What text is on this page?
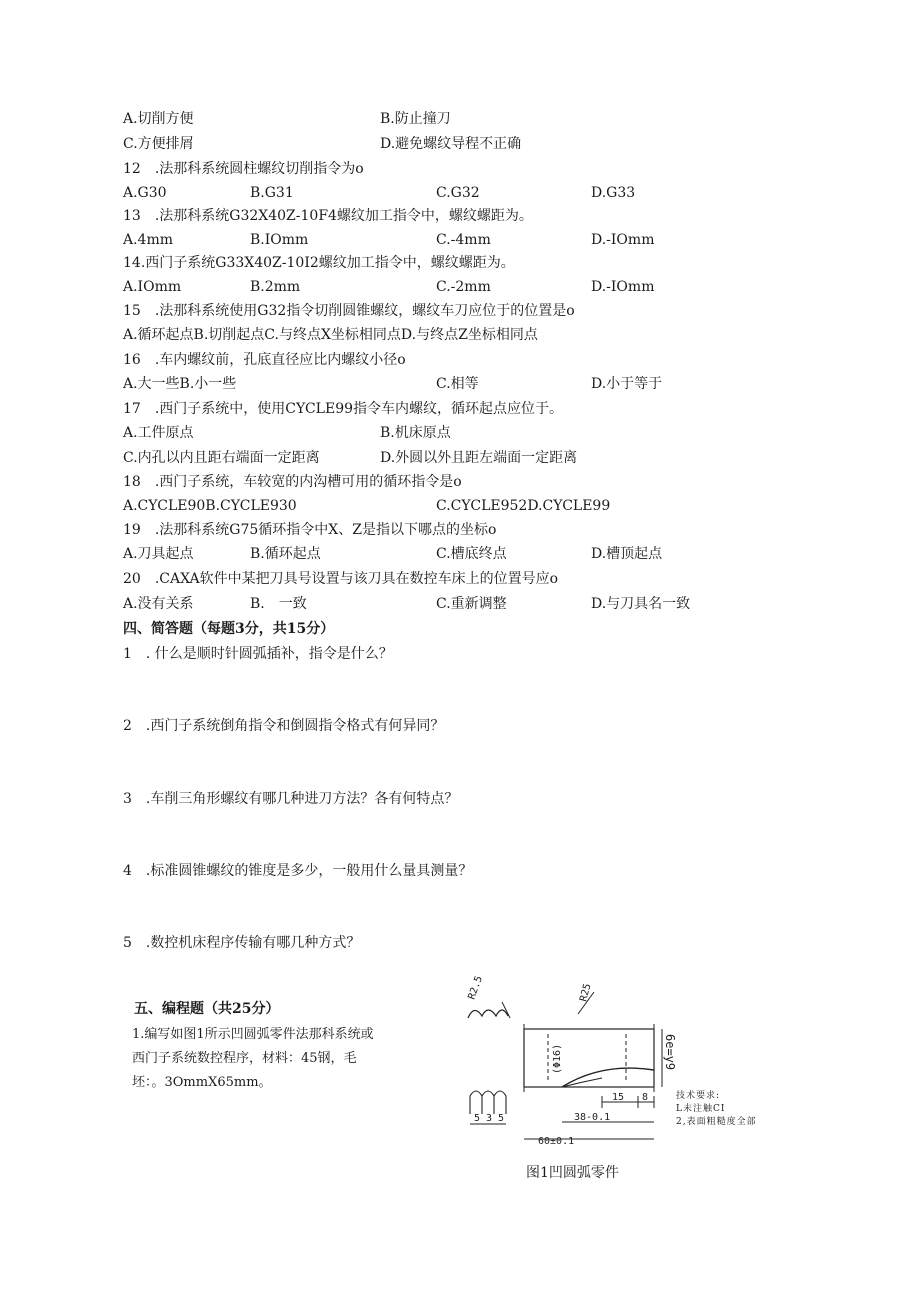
A.切削方便	B.防止撞刀
C.方便排屑	D.避免螺纹导程不正确
12　.法那科系统圆柱螺纹切削指令为o
A.G30	B.G31	C.G32	D.G33
13　.法那科系统G32X40Z-10F4螺纹加工指令中，螺纹螺距为。
A.4mm	B.IOmm	C.-4mm	D.-IOmm
14.西门子系统G33X40Z-10I2螺纹加工指令中，螺纹螺距为。
A.IOmm	B.2mm	C.-2mm	D.-IOmm
15　.法那科系统使用G32指令切削圆锥螺纹，螺纹车刀应位于的位置是o
A.循环起点B.切削起点C.与终点X坐标相同点D.与终点Z坐标相同点
16　.车内螺纹前，孔底直径应比内螺纹小径o
A.大一些B.小一些	C.相等	D.小于等于
17　.西门子系统中，使用CYCLE99指令车内螺纹，循环起点应位于。
A.工件原点	B.机床原点
C.内孔以内且距右端面一定距离	D.外圆以外且距左端面一定距离
18　.西门子系统，车较宽的内沟槽可用的循环指令是o
A.CYCLE90B.CYCLE930	C.CYCLE952D.CYCLE99
19　.法那科系统G75循环指令中X、Z是指以下哪点的坐标o
A.刀具起点	B.循环起点	C.槽底终点	D.槽顶起点
20　.CAXA软件中某把刀具号设置与该刀具在数控车床上的位置号应o
A.没有关系	B.　一致	C.重新调整	D.与刀具名一致
四、简答题（每题3分，共15分）
1　. 什么是顺时针圆弧插补，指令是什么？
2　.西门子系统倒角指令和倒圆指令格式有何异同？
3　.车削三角形螺纹有哪几种进刀方法？各有何特点？
4　.标准圆锥螺纹的锥度是多少，一般用什么量具测量？
5　.数控机床程序传输有哪几种方式？
五、编程题（共25分）
1.编写如图1所示凹圆弧零件法那科系统或
西门子系统数控程序，材料：45钢，毛
坯：。3OmmX65mm。
R2.5	R25
(Φ16)	6e=y9
15 8
38-0.1
60±0.1
5 3 5
技术要求:
L未注触CI
2,表面粗糙度全部
图1凹圆弧零件
